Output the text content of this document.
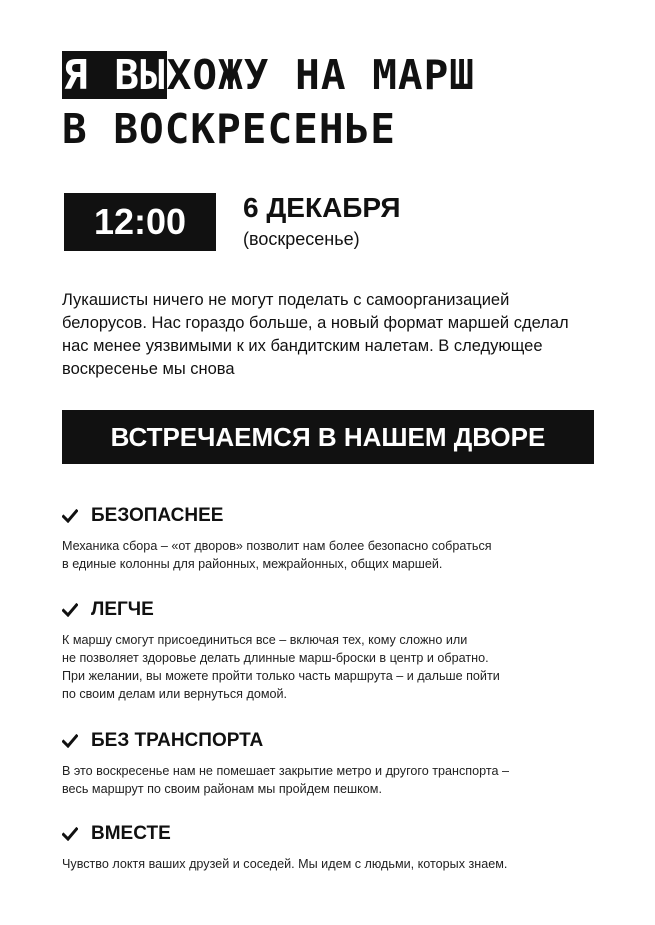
Я ВЫХОЖУ НА МАРШ
В ВОСКРЕСЕНЬЕ
12:00	6 ДЕКАБРЯ
(воскресенье)
Лукашисты ничего не могут поделать с самоорганизацией
белорусов. Нас гораздо больше, а новый формат маршей сделал
нас менее уязвимыми к их бандитским налетам. В следующее
воскресенье мы снова
ВСТРЕЧАЕМСЯ В НАШЕМ ДВОРЕ
БЕЗОПАСНЕЕ
Механика сбора – «от дворов» позволит нам более безопасно собраться
в единые колонны для районных, межрайонных, общих маршей.
ЛЕГЧЕ
К маршу смогут присоединиться все – включая тех, кому сложно или
не позволяет здоровье делать длинные марш-броски в центр и обратно.
При желании, вы можете пройти только часть маршрута – и дальше пойти
по своим делам или вернуться домой.
БЕЗ ТРАНСПОРТА
В это воскресенье нам не помешает закрытие метро и другого транспорта –
весь маршрут по своим районам мы пройдем пешком.
ВМЕСТЕ
Чувство локтя ваших друзей и соседей. Мы идем с людьми, которых знаем.
